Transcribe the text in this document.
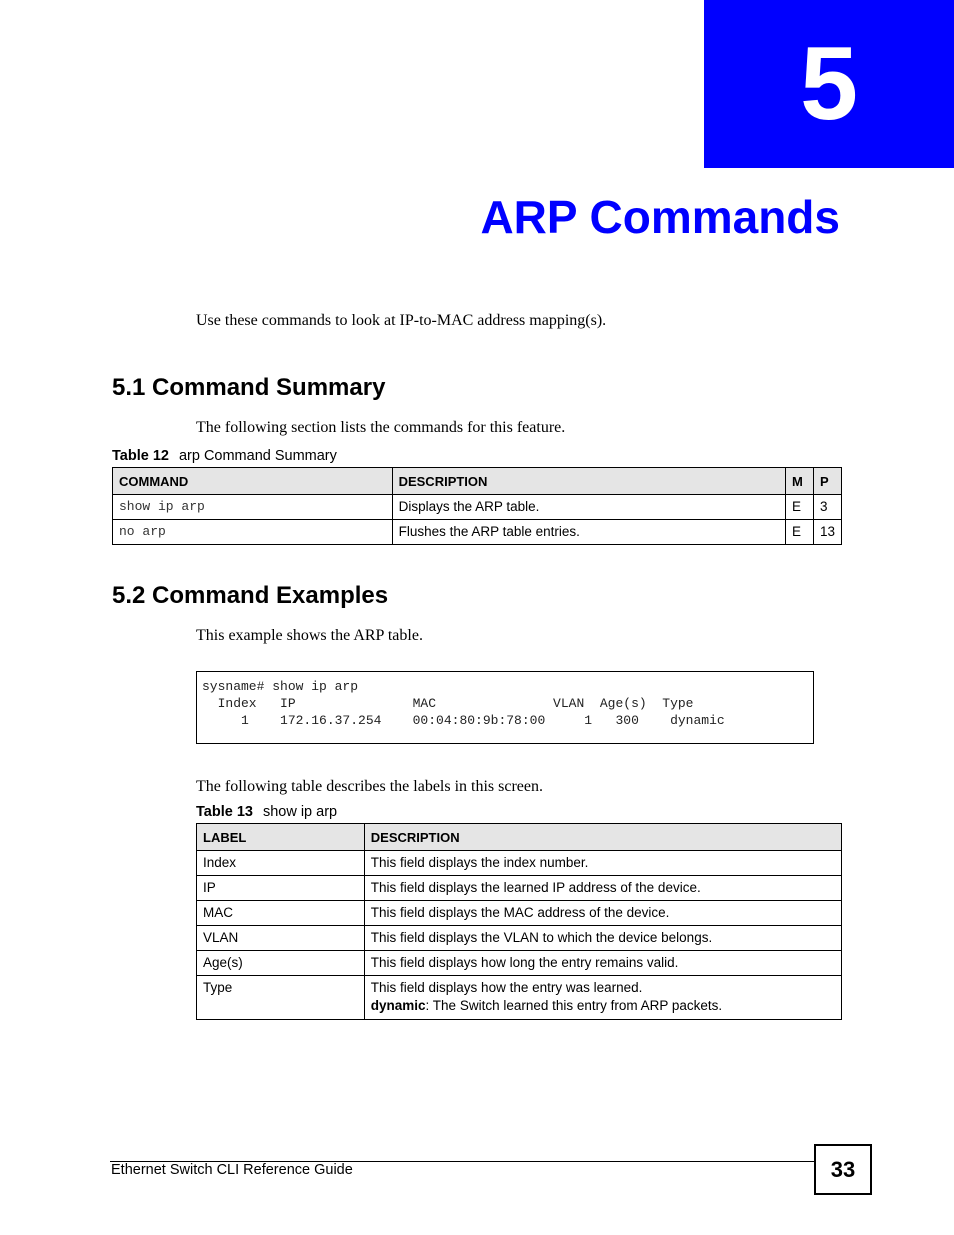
5
ARP Commands
Use these commands to look at IP-to-MAC address mapping(s).
5.1 Command Summary
The following section lists the commands for this feature.
Table 12 arp Command Summary
COMMAND	DESCRIPTION	M	P
show ip arp	Displays the ARP table.	E	3
no arp	Flushes the ARP table entries.	E	13
5.2 Command Examples
This example shows the ARP table.
sysname# show ip arp
Index   IP               MAC               VLAN  Age(s)  Type
1    172.16.37.254    00:04:80:9b:78:00     1   300    dynamic
The following table describes the labels in this screen.
Table 13 show ip arp
LABEL	DESCRIPTION
Index	This field displays the index number.
IP	This field displays the learned IP address of the device.
MAC	This field displays the MAC address of the device.
VLAN	This field displays the VLAN to which the device belongs.
Age(s)	This field displays how long the entry remains valid.
Type	This field displays how the entry was learned.
dynamic: The Switch learned this entry from ARP packets.
Ethernet Switch CLI Reference Guide	33
